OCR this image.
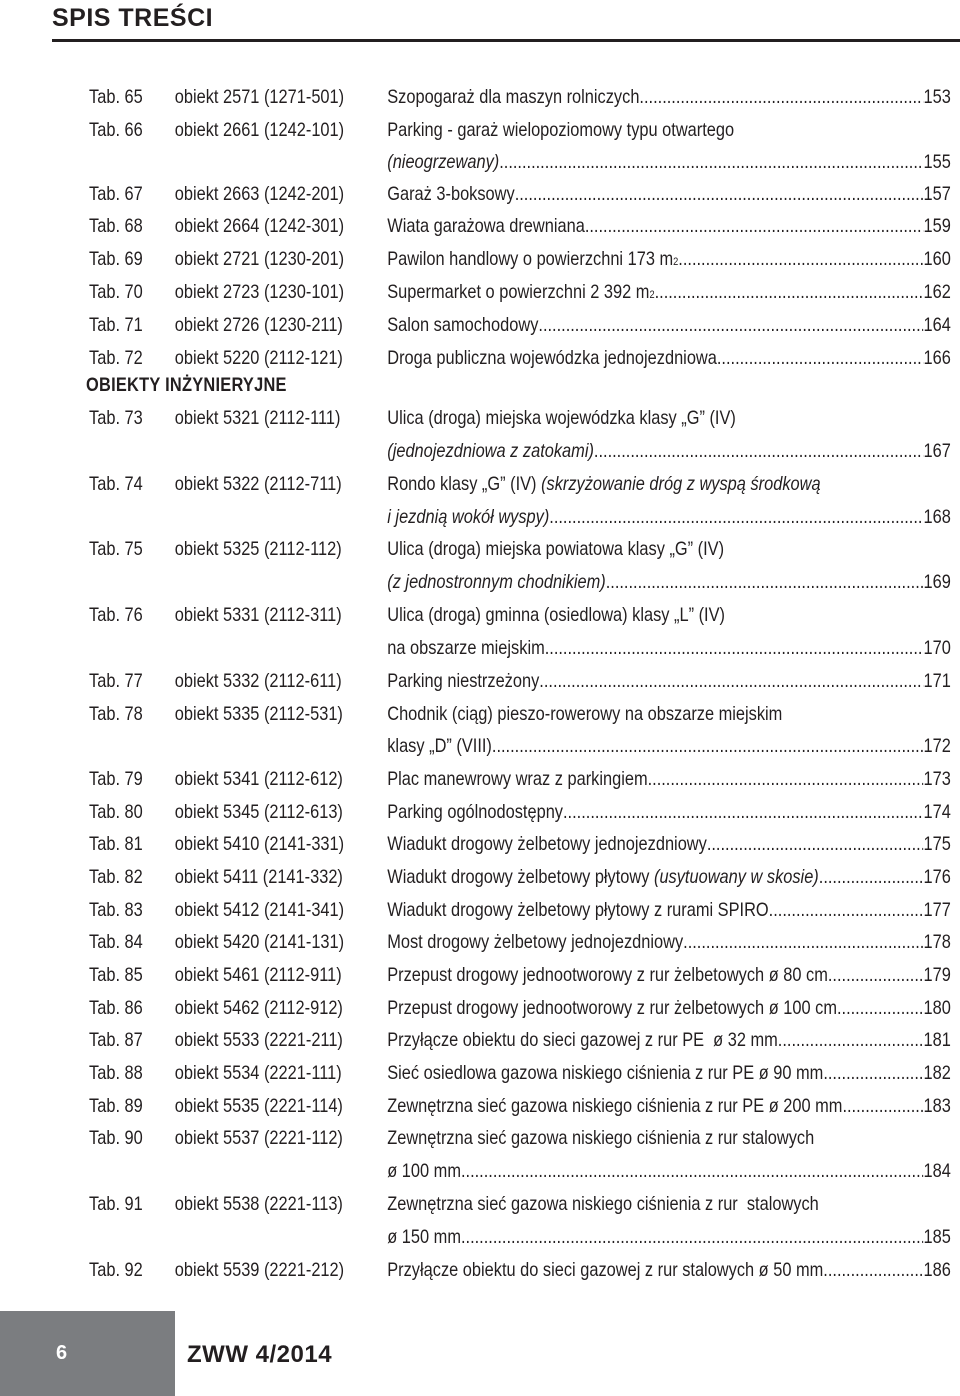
SPIS TREŚCI
Tab. 65 obiekt 2571 (1271-501) Szopogaraż dla maszyn rolniczych .....	153
Tab. 66 obiekt 2661 (1242-101) Parking - garaż wielopoziomowy typu otwartego
(nieogrzewany) .....	155
Tab. 67 obiekt 2663 (1242-201) Garaż 3-boksowy .....	157
Tab. 68 obiekt 2664 (1242-301) Wiata garażowa drewniana .....	159
Tab. 69 obiekt 2721 (1230-201) Pawilon handlowy o powierzchni 173 m 2 .....	160
Tab. 70 obiekt 2723 (1230-101) Supermarket o powierzchni 2 392 m 2 .....	162
Tab. 71 obiekt 2726 (1230-211) Salon samochodowy .....	164
Tab. 72 obiekt 5220 (2112-121) Droga publiczna wojewódzka jednojezdniowa .....	166
OBIEKTY INŻYNIERYJNE
Tab. 73 obiekt 5321 (2112-111) Ulica (droga) miejska wojewódzka klasy „G” (IV)
(jednojezdniowa z zatokami) .....	167
Tab. 74 obiekt 5322 (2112-711) Rondo klasy „G” (IV) (skrzyżowanie dróg z wyspą środkową
i jezdnią wokół wyspy) .....	168
Tab. 75 obiekt 5325 (2112-112) Ulica (droga) miejska powiatowa klasy „G” (IV)
(z jednostronnym chodnikiem) .....	169
Tab. 76 obiekt 5331 (2112-311) Ulica (droga) gminna (osiedlowa) klasy „L” (IV)
na obszarze miejskim .....	170
Tab. 77 obiekt 5332 (2112-611) Parking niestrzeżony .....	171
Tab. 78 obiekt 5335 (2112-531) Chodnik (ciąg) pieszo-rowerowy na obszarze miejskim
klasy „D” (VIII) .....	172
Tab. 79 obiekt 5341 (2112-612) Plac manewrowy wraz z parkingiem .....	173
Tab. 80 obiekt 5345 (2112-613) Parking ogólnodostępny .....	174
Tab. 81 obiekt 5410 (2141-331) Wiadukt drogowy żelbetowy jednojezdniowy .....	175
Tab. 82 obiekt 5411 (2141-332) Wiadukt drogowy żelbetowy płytowy (usytuowany w skosie) .....	176
Tab. 83 obiekt 5412 (2141-341) Wiadukt drogowy żelbetowy płytowy z rurami SPIRO .....	177
Tab. 84 obiekt 5420 (2141-131) Most drogowy żelbetowy jednojezdniowy .....	178
Tab. 85 obiekt 5461 (2112-911) Przepust drogowy jednootworowy z rur żelbetowych ø 80 cm .....	179
Tab. 86 obiekt 5462 (2112-912) Przepust drogowy jednootworowy z rur żelbetowych ø 100 cm .....	180
Tab. 87 obiekt 5533 (2221-211) Przyłącze obiektu do sieci gazowej z rur PE  ø 32 mm .....	181
Tab. 88 obiekt 5534 (2221-111) Sieć osiedlowa gazowa niskiego ciśnienia z rur PE ø 90 mm .....	182
Tab. 89 obiekt 5535 (2221-114) Zewnętrzna sieć gazowa niskiego ciśnienia z rur PE ø 200 mm .....	183
Tab. 90 obiekt 5537 (2221-112) Zewnętrzna sieć gazowa niskiego ciśnienia z rur stalowych
ø 100 mm .....	184
Tab. 91 obiekt 5538 (2221-113) Zewnętrzna sieć gazowa niskiego ciśnienia z rur  stalowych
ø 150 mm .....	185
Tab. 92 obiekt 5539 (2221-212) Przyłącze obiektu do sieci gazowej z rur stalowych ø 50 mm .....	186
6	ZWW 4/2014
